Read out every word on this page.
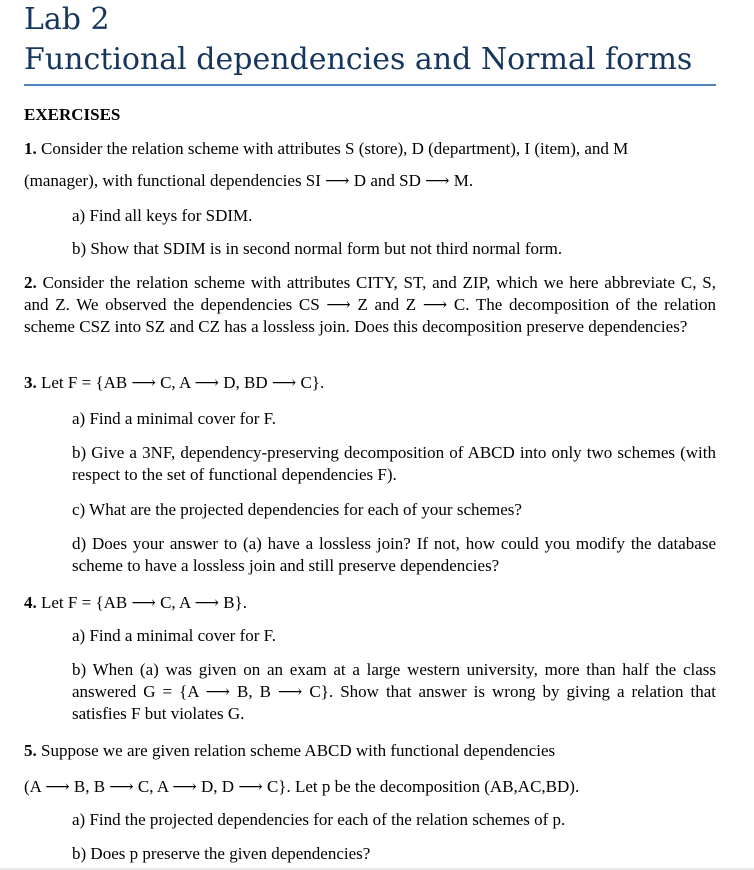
Lab 2
Functional dependencies and Normal forms
EXERCISES
1. Consider the relation scheme with attributes S (store), D (department), I (item), and M
(manager), with functional dependencies SI ⟶ D and SD ⟶ M.
a) Find all keys for SDIM.
b) Show that SDIM is in second normal form but not third normal form.
2. Consider the relation scheme with attributes CITY, ST, and ZIP, which we here abbreviate C, S, and Z. We observed the dependencies CS ⟶ Z and Z ⟶ C. The decomposition of the relation scheme CSZ into SZ and CZ has a lossless join. Does this decomposition preserve dependencies?
3. Let F = {AB ⟶ C, A ⟶ D, BD ⟶ C}.
a) Find a minimal cover for F.
b) Give a 3NF, dependency-preserving decomposition of ABCD into only two schemes (with respect to the set of functional dependencies F).
c) What are the projected dependencies for each of your schemes?
d) Does your answer to (a) have a lossless join? If not, how could you modify the database scheme to have a lossless join and still preserve dependencies?
4. Let F = {AB ⟶ C, A ⟶ B}.
a) Find a minimal cover for F.
b) When (a) was given on an exam at a large western university, more than half the class answered G = {A ⟶ B, B ⟶ C}. Show that answer is wrong by giving a relation that satisfies F but violates G.
5. Suppose we are given relation scheme ABCD with functional dependencies
(A ⟶ B, B ⟶ C, A ⟶ D, D ⟶ C}. Let p be the decomposition (AB,AC,BD).
a) Find the projected dependencies for each of the relation schemes of p.
b) Does p preserve the given dependencies?
